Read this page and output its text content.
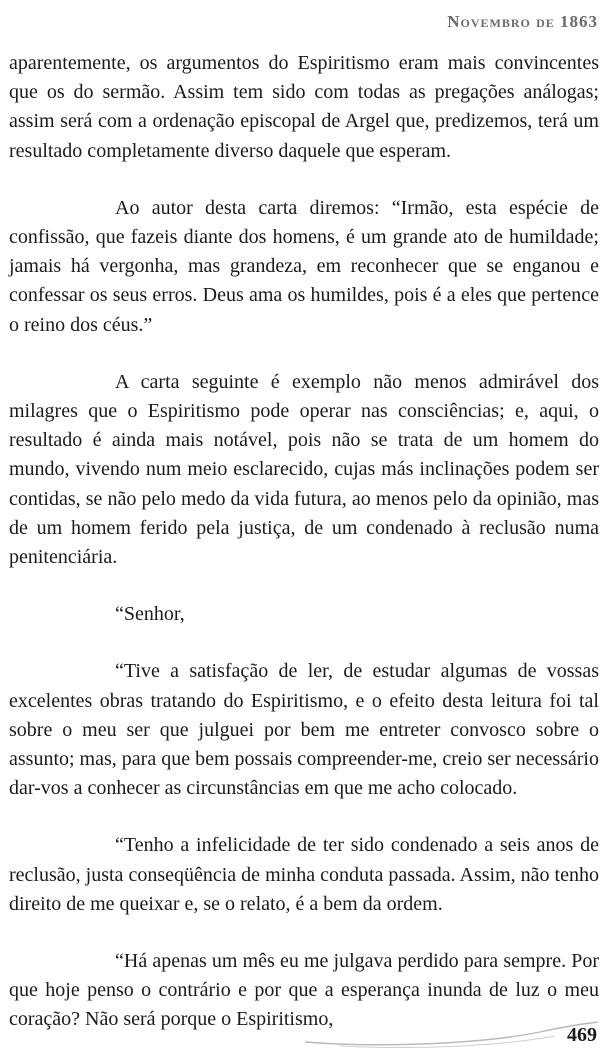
Novembro de 1863

aparentemente, os argumentos do Espiritismo eram mais convincentes que os do sermão. Assim tem sido com todas as pregações análogas; assim será com a ordenação episcopal de Argel que, predizemos, terá um resultado completamente diverso daquele que esperam.

Ao autor desta carta diremos: “Irmão, esta espécie de confissão, que fazeis diante dos homens, é um grande ato de humildade; jamais há vergonha, mas grandeza, em reconhecer que se enganou e confessar os seus erros. Deus ama os humildes, pois é a eles que pertence o reino dos céus.”

A carta seguinte é exemplo não menos admirável dos milagres que o Espiritismo pode operar nas consciências; e, aqui, o resultado é ainda mais notável, pois não se trata de um homem do mundo, vivendo num meio esclarecido, cujas más inclinações podem ser contidas, se não pelo medo da vida futura, ao menos pelo da opinião, mas de um homem ferido pela justiça, de um condenado à reclusão numa penitenciária.

“Senhor,

“Tive a satisfação de ler, de estudar algumas de vossas excelentes obras tratando do Espiritismo, e o efeito desta leitura foi tal sobre o meu ser que julguei por bem me entreter convosco sobre o assunto; mas, para que bem possais compreender-me, creio ser necessário dar-vos a conhecer as circunstâncias em que me acho colocado.

“Tenho a infelicidade de ter sido condenado a seis anos de reclusão, justa conseqüência de minha conduta passada. Assim, não tenho direito de me queixar e, se o relato, é a bem da ordem.

“Há apenas um mês eu me julgava perdido para sempre. Por que hoje penso o contrário e por que a esperança inunda de luz o meu coração? Não será porque o Espiritismo,

469
